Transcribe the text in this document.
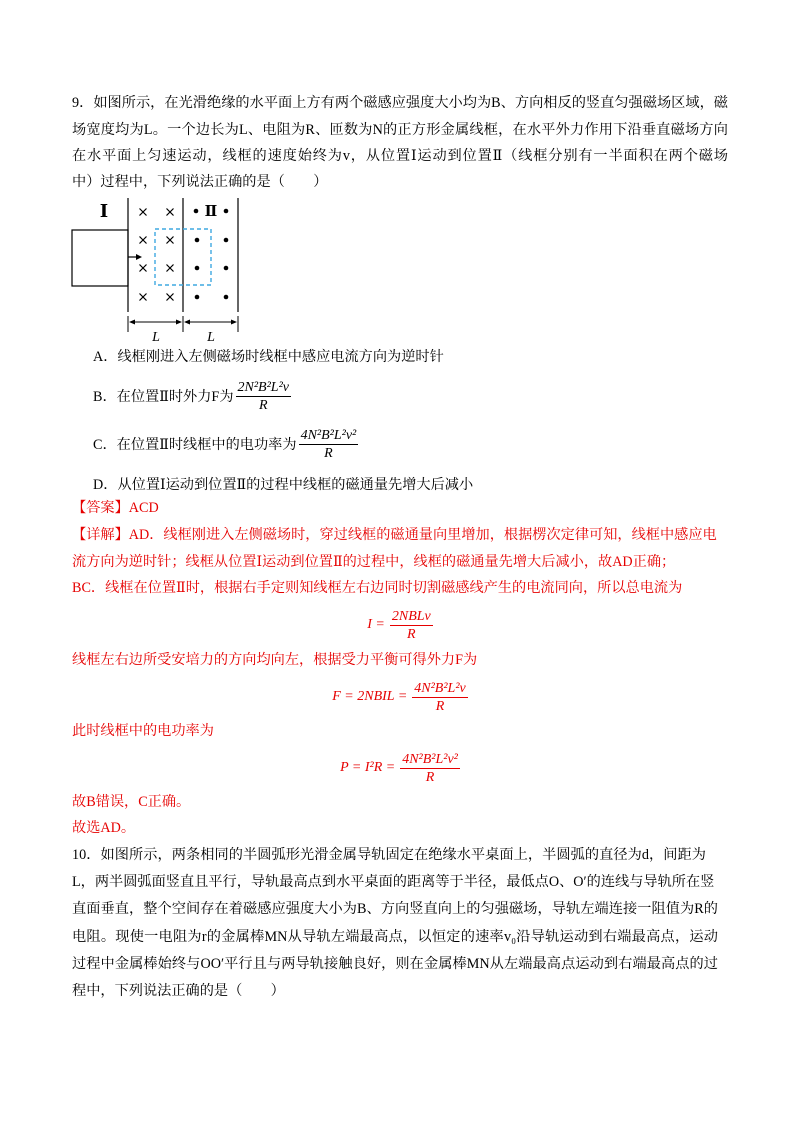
9．如图所示，在光滑绝缘的水平面上方有两个磁感应强度大小均为B、方向相反的竖直匀强磁场区域，磁
场宽度均为L。一个边长为L、电阻为R、匝数为N的正方形金属线框，在水平外力作用下沿垂直磁场方向
在水平面上匀速运动，线框的速度始终为v，从位置Ⅰ运动到位置Ⅱ（线框分别有一半面积在两个磁场
中）过程中，下列说法正确的是（　　）
Ⅰ	Ⅱ
L	L
A．线框刚进入左侧磁场时线框中感应电流方向为逆时针
B． 在位置Ⅱ时外力F为 $\frac{\text{2N²B²L²v}}{R}$
C． 在位置Ⅱ时线框中的电功率为 $\frac{\text{4N²B²L²v²}}{R}$
D．从位置Ⅰ运动到位置Ⅱ的过程中线框的磁通量先增大后减小
【答案】ACD
【详解】AD．线框刚进入左侧磁场时，穿过线框的磁通量向里增加，根据楞次定律可知，线框中感应电
流方向为逆时针；线框从位置Ⅰ运动到位置Ⅱ的过程中，线框的磁通量先增大后减小，故AD正确；
BC．线框在位置Ⅱ时，根据右手定则知线框左右边同时切割磁感线产生的电流同向，所以总电流为
$I = \frac{\text{2NBLv}}{R}$
线框左右边所受安培力的方向均向左，根据受力平衡可得外力F为
F = 2NBIL = $\frac{\text{4N²B²L²v}}{R}$
此时线框中的电功率为
$P = I^2R = \frac{\text{4N²B²L²v²}}{R}$
故B错误，C正确。
故选AD。
10．如图所示，两条相同的半圆弧形光滑金属导轨固定在绝缘水平桌面上，半圆弧的直径为d，间距为
L，两半圆弧面竖直且平行，导轨最高点到水平桌面的距离等于半径，最低点O、O′的连线与导轨所在竖
直面垂直，整个空间存在着磁感应强度大小为B、方向竖直向上的匀强磁场，导轨左端连接一阻值为R的
电阻。现使一电阻为r的金属棒MN从导轨左端最高点，以恒定的速率v₀沿导轨运动到右端最高点，运动
过程中金属棒始终与OO′平行且与两导轨接触良好，则在金属棒MN从左端最高点运动到右端最高点的过
程中，下列说法正确的是（　　）
